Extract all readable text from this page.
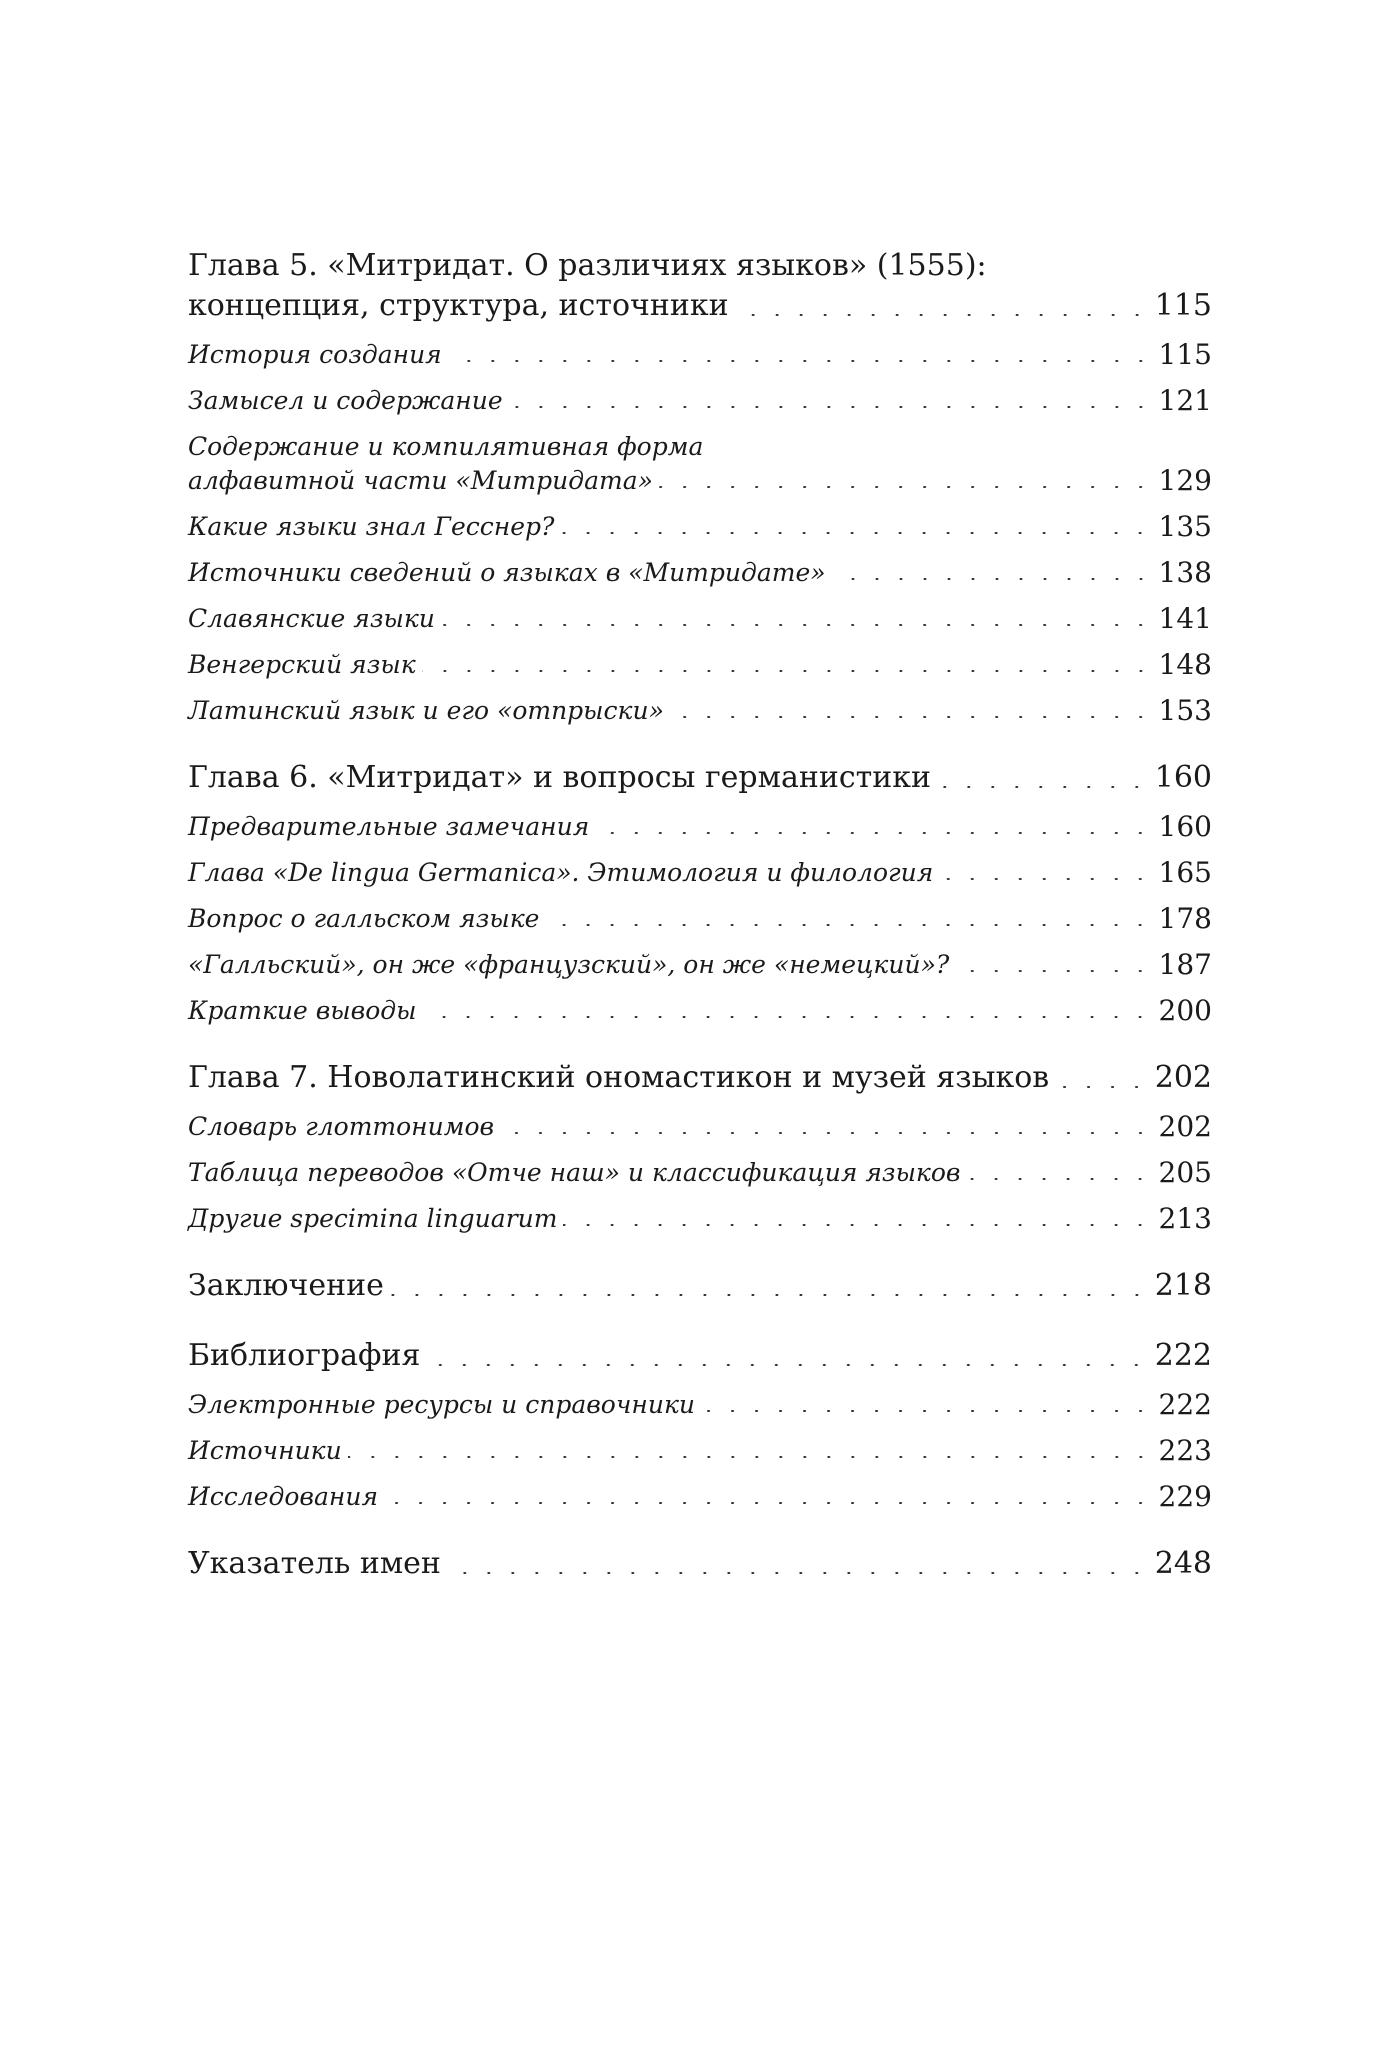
Глава 5. «Митридат. О различиях языков» (1555):
концепция, структура, источники	115
История создания	115
Замысел и содержание	121
Содержание и компилятивная форма
алфавитной части «Митридата»	129
Какие языки знал Гесснер?	135
Источники сведений о языках в «Митридате»	138
Славянские языки	141
Венгерский язык	148
Латинский язык и его «отпрыски»	153
Глава 6. «Митридат» и вопросы германистики	160
Предварительные замечания	160
Глава «De lingua Germanica». Этимология и филология	165
Вопрос о галльском языке	178
«Галльский», он же «французский», он же «немецкий»?	187
Краткие выводы	200
Глава 7. Новолатинский ономастикон и музей языков	202
Словарь глоттонимов	202
Таблица переводов «Отче наш» и классификация языков	205
Другие specimina linguarum	213
Заключение	218
Библиография	222
Электронные ресурсы и справочники	222
Источники	223
Исследования	229
Указатель имен	248
